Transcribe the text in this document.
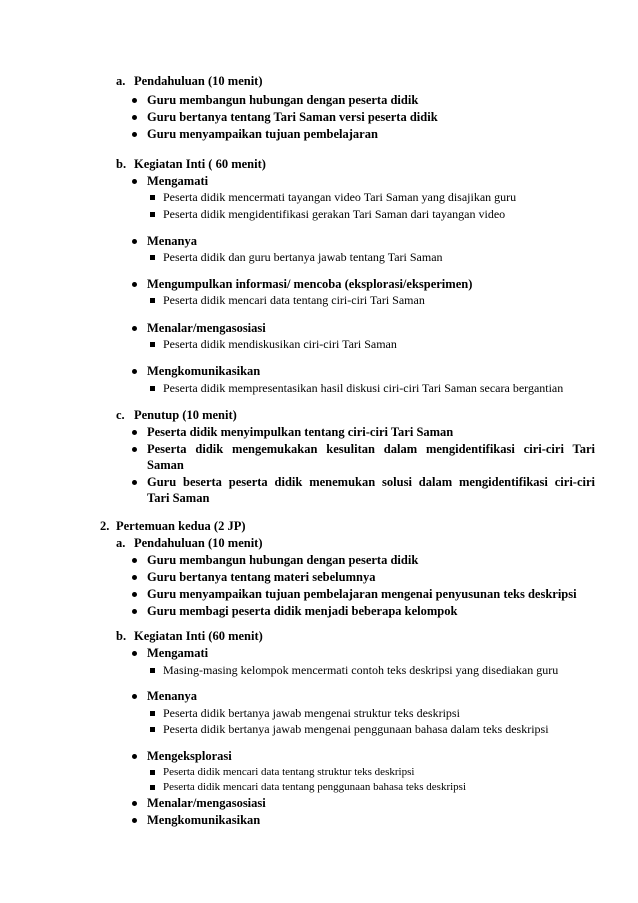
a. Pendahuluan (10 menit)
Guru membangun hubungan dengan peserta didik
Guru bertanya tentang Tari Saman versi peserta didik
Guru menyampaikan tujuan pembelajaran
b. Kegiatan Inti ( 60 menit)
Mengamati
Peserta didik mencermati tayangan video Tari Saman yang disajikan guru
Peserta didik mengidentifikasi gerakan Tari Saman dari tayangan video
Menanya
Peserta didik dan guru bertanya jawab tentang Tari Saman
Mengumpulkan informasi/ mencoba (eksplorasi/eksperimen)
Peserta didik mencari data tentang ciri-ciri Tari Saman
Menalar/mengasosiasi
Peserta didik mendiskusikan ciri-ciri Tari Saman
Mengkomunikasikan
Peserta didik mempresentasikan hasil diskusi ciri-ciri Tari Saman secara bergantian
c. Penutup (10 menit)
Peserta didik menyimpulkan tentang ciri-ciri Tari Saman
Peserta didik mengemukakan kesulitan dalam mengidentifikasi ciri-ciri Tari
Saman
Guru beserta peserta didik menemukan solusi dalam mengidentifikasi ciri-ciri
Tari Saman
2. Pertemuan kedua (2 JP)
a. Pendahuluan (10 menit)
Guru membangun hubungan dengan peserta didik
Guru bertanya tentang materi sebelumnya
Guru menyampaikan tujuan pembelajaran mengenai penyusunan teks deskripsi
Guru membagi peserta didik menjadi beberapa kelompok
b. Kegiatan Inti (60 menit)
Mengamati
Masing-masing kelompok mencermati contoh teks deskripsi yang disediakan guru
Menanya
Peserta didik bertanya jawab mengenai struktur teks deskripsi
Peserta didik bertanya jawab mengenai penggunaan bahasa dalam teks deskripsi
Mengeksplorasi
Peserta didik mencari data tentang struktur teks deskripsi
Peserta didik mencari data tentang penggunaan bahasa teks deskripsi
Menalar/mengasosiasi
Mengkomunikasikan
